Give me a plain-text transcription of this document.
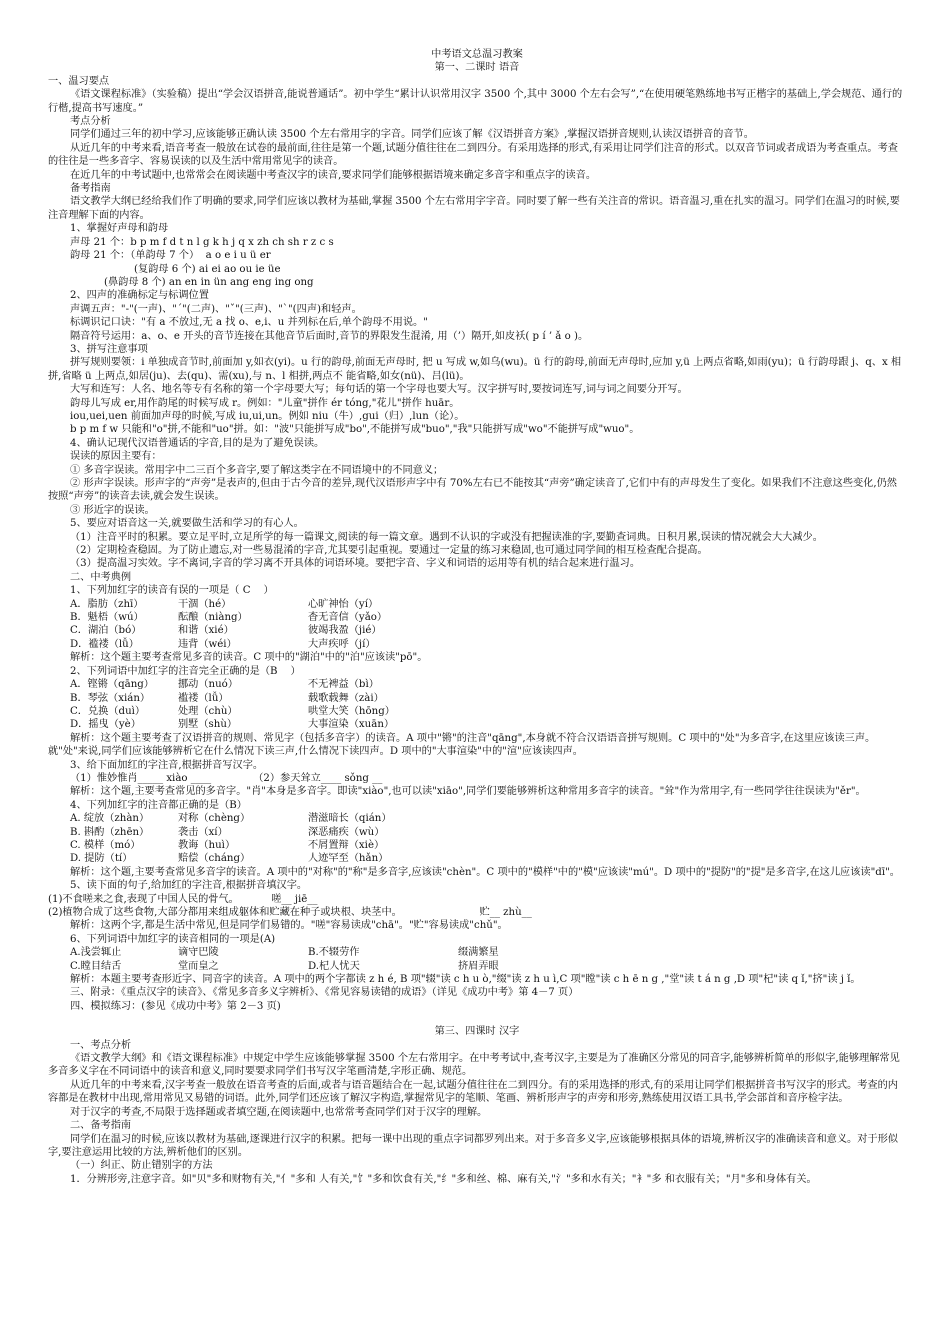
中考语文总温习教案
第一、二课时 语音

一、温习要点

《语文课程标准》（实验稿）提出“学会汉语拼音,能说普通话”。初中学生“累计认识常用汉字 3500 个,其中 3000 个左右会写”,“在使用硬笔熟练地书写正楷字的基础上,学会规范、通行的行楷,提高书写速度。”

考点分析

同学们通过三年的初中学习,应该能够正确认读 3500 个左右常用字的字音。同学们应该了解《汉语拼音方案》,掌握汉语拼音规则,认读汉语拼音的音节。

从近几年的中考来看,语音考查一般放在试卷的最前面,往往是第一个题,试题分值往往在二到四分。有采用选择的形式,有采用让同学们注音的形式。以双音节词或者成语为考查重点。考查的往往是一些多音字、容易误读的以及生活中常用常见字的读音。

在近几年的中考试题中,也常常会在阅读题中考查汉字的读音,要求同学们能够根据语境来确定多音字和重点字的读音。

备考指南

语文教学大纲已经给我们作了明确的要求,同学们应该以教材为基础,掌握 3500 个左右常用字字音。同时要了解一些有关注音的常识。语音温习,重在扎实的温习。同学们在温习的时候,要注音理解下面的内容。

1、掌握好声母和韵母

声母 21 个：b p m f d t n l g k h j q x zh ch sh r z c s

韵母 21 个：（单韵母 7 个）  a o e i u ü er

(复韵母 6 个) ai ei ao ou ie üe

(鼻韵母 8 个) an en in ün ang eng ing ong

2、四声的准确标定与标调位置

声调五声："-"(一声)、"ˊ"(二声)、"ˇ"(三声)、"ˋ"(四声)和轻声。

标调识记口诀："有 a 不放过,无 a 找 o、e,i、u 并列标在后,单个韵母不用说。"

隔音符号运用：a、o、e 开头的音节连接在其他音节后面时,音节的界限发生混淆, 用（’）隔开,如皮袄( p í ’ ǎ o )。

3、拼写注意事项

拼写规则要领：i 单独成音节时,前面加 y,如衣(yi)。u 行的韵母,前面无声母时, 把 u 写成 w,如乌(wu)。ü 行的韵母,前面无声母时,应加 y,ü 上两点省略,如雨(yu)；ü 行韵母跟 j、q、x 相拼,省略 ü 上两点,如居(ju)、去(qu)、需(xu),与 n、l 相拼,两点不 能省略,如女(nü)、吕(lü)。

大写和连写：人名、地名等专有名称的第一个字母要大写；每句话的第一个字母也要大写。汉字拼写时,要按词连写,词与词之间要分开写。

韵母儿写成 er,用作韵尾的时候写成 r。例如："儿童"拼作 ér tóng,"花儿"拼作 huār。

iou,uei,uen 前面加声母的时候,写成 iu,ui,un。例如 niu（牛）,gui（归）,lun（论）。

b p m f w 只能和"o"拼,不能和"uo"拼。如："波"只能拼写成"bo",不能拼写成"buo","我"只能拼写成"wo"不能拼写成"wuo"。

4、确认记现代汉语普通话的字音,目的是为了避免误读。

误读的原因主要有：

① 多音字误读。常用字中二三百个多音字,要了解这类字在不同语境中的不同意义；

② 形声字误读。形声字的“声旁”是表声的,但由于古今音的差异,现代汉语形声字中有 70%左右已不能按其“声旁”确定读音了,它们中有的声母发生了变化。如果我们不注意这些变化,仍然按照“声旁”的读音去读,就会发生误读。

③ 形近字的误读。

5、要应对语音这一关,就要做生活和学习的有心人。

（1）注音平时的积累。要立足平时,立足所学的每一篇课文,阅读的每一篇文章。遇到不认识的字或没有把握读准的字,要勤查词典。日积月累,误读的情况就会大大减少。

（2）定期检查稳固。为了防止遗忘,对一些易混淆的字音,尤其要引起重视。要通过一定量的练习来稳固,也可通过同学间的相互检查配合提高。

（3）提高温习实效。字不离词,字音的学习离不开具体的词语环境。要把字音、字义和词语的运用等有机的结合起来进行温习。

二、中考典例

1、下列加红字的读音有误的一项是（ C    ）

A．脂肪（zhī）	干涸（hé）	心旷神怡（yí）
B．魁梧（wú）	酝酿（niàng）	杳无音信（yǎo）
C．湖泊（bó）	和谐（xié）	彼竭我盈（jié）
D．褴褛（lǚ）	违背（wéi）	大声疾呼（jí）

解析：这个题主要考查常见多音的读音。C 项中的"湖泊"中的"泊"应该读"pō"。

2、下列词语中加红字的注音完全正确的是（B    ）

A．铿锵（qāng）	挪动（nuó）	不无裨益（bì）
B．琴弦（xián）	褴褛（lǚ）	载歌载舞（zài）
C．兑换（duì）	处理（chù）	哄堂大笑（hōng）
D．摇曳（yè）	别墅（shù）	大事渲染（xuān）

解析：这个题主要考查了汉语拼音的规则、常见字（包括多音字）的读音。A 项中"锵"的注音"qāng",本身就不符合汉语语音拼写规则。C 项中的"处"为多音字,在这里应该读三声。就"处"来说,同学们应该能够辨析它在什么情况下读三声,什么情况下读四声。D 项中的"大事渲染"中的"渲"应该读四声。

3、给下面加红的字注音,根据拼音写汉字。

（1）惟妙惟肖_____ xiào ____             （2）参天耸立____ sǒng __

解析：这个题,主要考查常见的多音字。"肖"本身是多音字。即读"xiào",也可以读"xiāo",同学们要能够辨析这种常用多音字的读音。"耸"作为常用字,有一些同学往往误读为"ěr"。

4、下列加红字的注音都正确的是（B）

A. 绽放（zhàn）	对称（chèng）	潜滋暗长（qián）
B. 斟酌（zhēn）	袭击（xí）	深恶痛疾（wù）
C. 模样（mó）	教诲（huì）	不屑置辩（xiè）
D. 提防（tí）	赔偿（cháng）	人迹罕至（hǎn）

解析：这个题,主要考查常见多音字的读音。A 项中的"对称"的"称"是多音字,应该读"chèn"。C 项中的"模样"中的"模"应该读"mú"。D 项中的"提防"的"提"是多音字,在这儿应该读"dī"。

5、读下面的句子,给加红的字注音,根据拼音填汉字。

(1)不食嗟来之食,表现了中国人民的骨气。          嗟__ jiē__

(2)植物合成了这些食物,大部分都用来组成躯体和贮藏在种子或块根、块茎中。                        贮__ zhù__

解析：这两个字,都是生活中常见,但是同学们易错的。"嗟"容易读成"chā"。"贮"容易读成"chǔ"。

6、下列词语中加红字的读音相同的一项是(A)

A.浅尝辄止	谪守巴陵	B.不辍劳作	缀满繁星
C.瞠目结舌	堂而皇之	D.杞人忧天	挤眉弄眼

解析：本题主要考查形近字、同音字的读音。A 项中的两个字都读 z h é, B 项"辍"读 c h u ò,"缀"读 z h u ì,C 项"瞠"读 c h ē n g ,"堂"读 t á n g ,D 项"杞"读 q ǐ,"挤"读 j ǐ。

三、附录：《重点汉字的读音》、《常见多音多义字辨析》、《常见容易读错的成语》（详见《成功中考》第 4－7 页）

四、模拟练习：(参见《成功中考》第 2－3 页)

第三、四课时 汉字

一、考点分析

《语文教学大纲》和《语文课程标准》中规定中学生应该能够掌握 3500 个左右常用字。在中考考试中,查考汉字,主要是为了准确区分常见的同音字,能够辨析简单的形似字,能够理解常见多音多义字在不同词语中的读音和意义,同时要要求同学们书写汉字笔画清楚,字形正确、规范。

从近几年的中考来看,汉字考查一般放在语音考查的后面,或者与语音题结合在一起,试题分值往往在二到四分。有的采用选择的形式,有的采用让同学们根据拼音书写汉字的形式。考查的内容都是在教材中出现,常用常见又易错的词语。此外,同学们还应该了解汉字构造,掌握常见字的笔顺、笔画、辨析形声字的声旁和形旁,熟练使用汉语工具书,学会部首和音序检字法。

对于汉字的考查,不局限于选择题或者填空题,在阅读题中,也常常考查同学们对于汉字的理解。

二、备考指南

同学们在温习的时候,应该以教材为基础,逐课进行汉字的积累。把每一课中出现的重点字词都罗列出来。对于多音多义字,应该能够根据具体的语境,辨析汉字的准确读音和意义。对于形似字,要注意运用比较的方法,辨析他们的区别。

（一）纠正、防止错别字的方法

1．分辨形旁,注意字音。如"贝"多和财物有关,"亻"多和 人有关,"饣"多和饮食有关,"纟"多和丝、棉、麻有关,"氵"多和水有关；"衤"多 和衣服有关；"月"多和身体有关。
